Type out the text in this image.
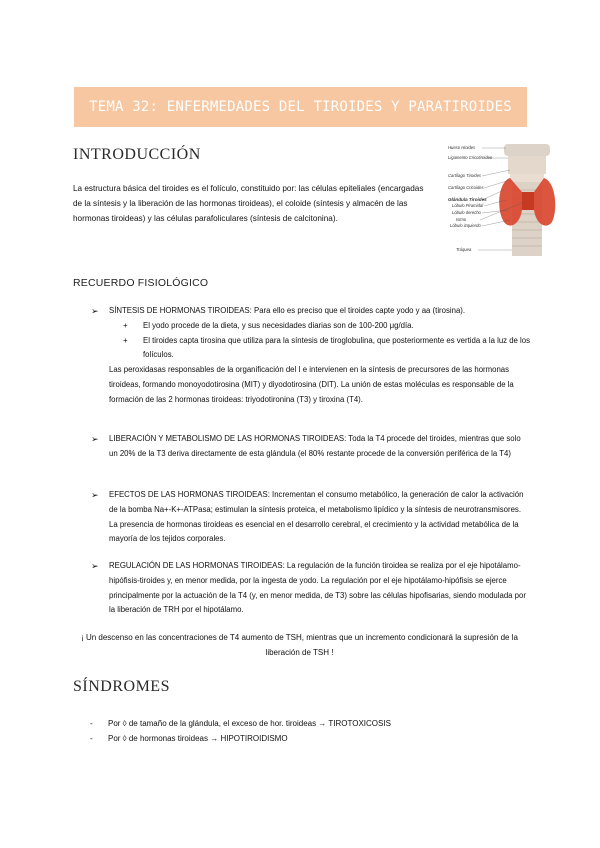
TEMA 32: ENFERMEDADES DEL TIROIDES Y PARATIROIDES
INTRODUCCIÓN
La estructura básica del tiroides es el folículo, constituido por: las células epiteliales (encargadas de la síntesis y la liberación de las hormonas tiroideas), el coloide (síntesis y almacén de las hormonas tiroideas) y las células parafoliculares (síntesis de calcitonina).
Hueso Hioides
Ligamento Cricotiroideo
Cartílago Tiroides
Cartílago Cricoides
Glándula Tiroides
Lóbulo Piramidal
Lóbulo derecho
Istmo
Lóbulo izquierdo
Tráquea
RECUERDO FISIOLÓGICO
➢ SÍNTESIS DE HORMONAS TIROIDEAS: Para ello es preciso que el tiroides capte yodo y aa (tirosina).
+ El yodo procede de la dieta, y sus necesidades diarias son de 100-200 μg/día.
+ El tiroides capta tirosina que utiliza para la síntesis de tiroglobulina, que posteriormente es vertida a la luz de los folículos.
Las peroxidasas responsables de la organificación del I e intervienen en la síntesis de precursores de las hormonas tiroideas, formando monoyodotirosina (MIT) y diyodotirosina (DIT). La unión de estas moléculas es responsable de la formación de las 2 hormonas tiroideas: triyodotironina (T3) y tiroxina (T4).
➢ LIBERACIÓN Y METABOLISMO DE LAS HORMONAS TIROIDEAS: Toda la T4 procede del tiroides, mientras que solo un 20% de la T3 deriva directamente de esta glándula (el 80% restante procede de la conversión periférica de la T4)
➢ EFECTOS DE LAS HORMONAS TIROIDEAS: Incrementan el consumo metabólico, la generación de calor la activación de la bomba Na+-K+-ATPasa; estimulan la síntesis proteica, el metabolismo lipídico y la síntesis de neurotransmisores. La presencia de hormonas tiroideas es esencial en el desarrollo cerebral, el crecimiento y la actividad metabólica de la mayoría de los tejidos corporales.
➢ REGULACIÓN DE LAS HORMONAS TIROIDEAS: La regulación de la función tiroidea se realiza por el eje hipotálamo-hipófisis-tiroides y, en menor medida, por la ingesta de yodo. La regulación por el eje hipotálamo-hipófisis se ejerce principalmente por la actuación de la T4 (y, en menor medida, de T3) sobre las células hipofisarias, siendo modulada por la liberación de TRH por el hipotálamo.
¡ Un descenso en las concentraciones de T4 aumento de TSH, mientras que un incremento condicionará la supresión de la liberación de TSH !
SÍNDROMES
- Por ◊ de tamaño de la glándula, el exceso de hor. tiroideas → TIROTOXICOSIS
- Por ◊ de hormonas tiroideas → HIPOTIROIDISMO
